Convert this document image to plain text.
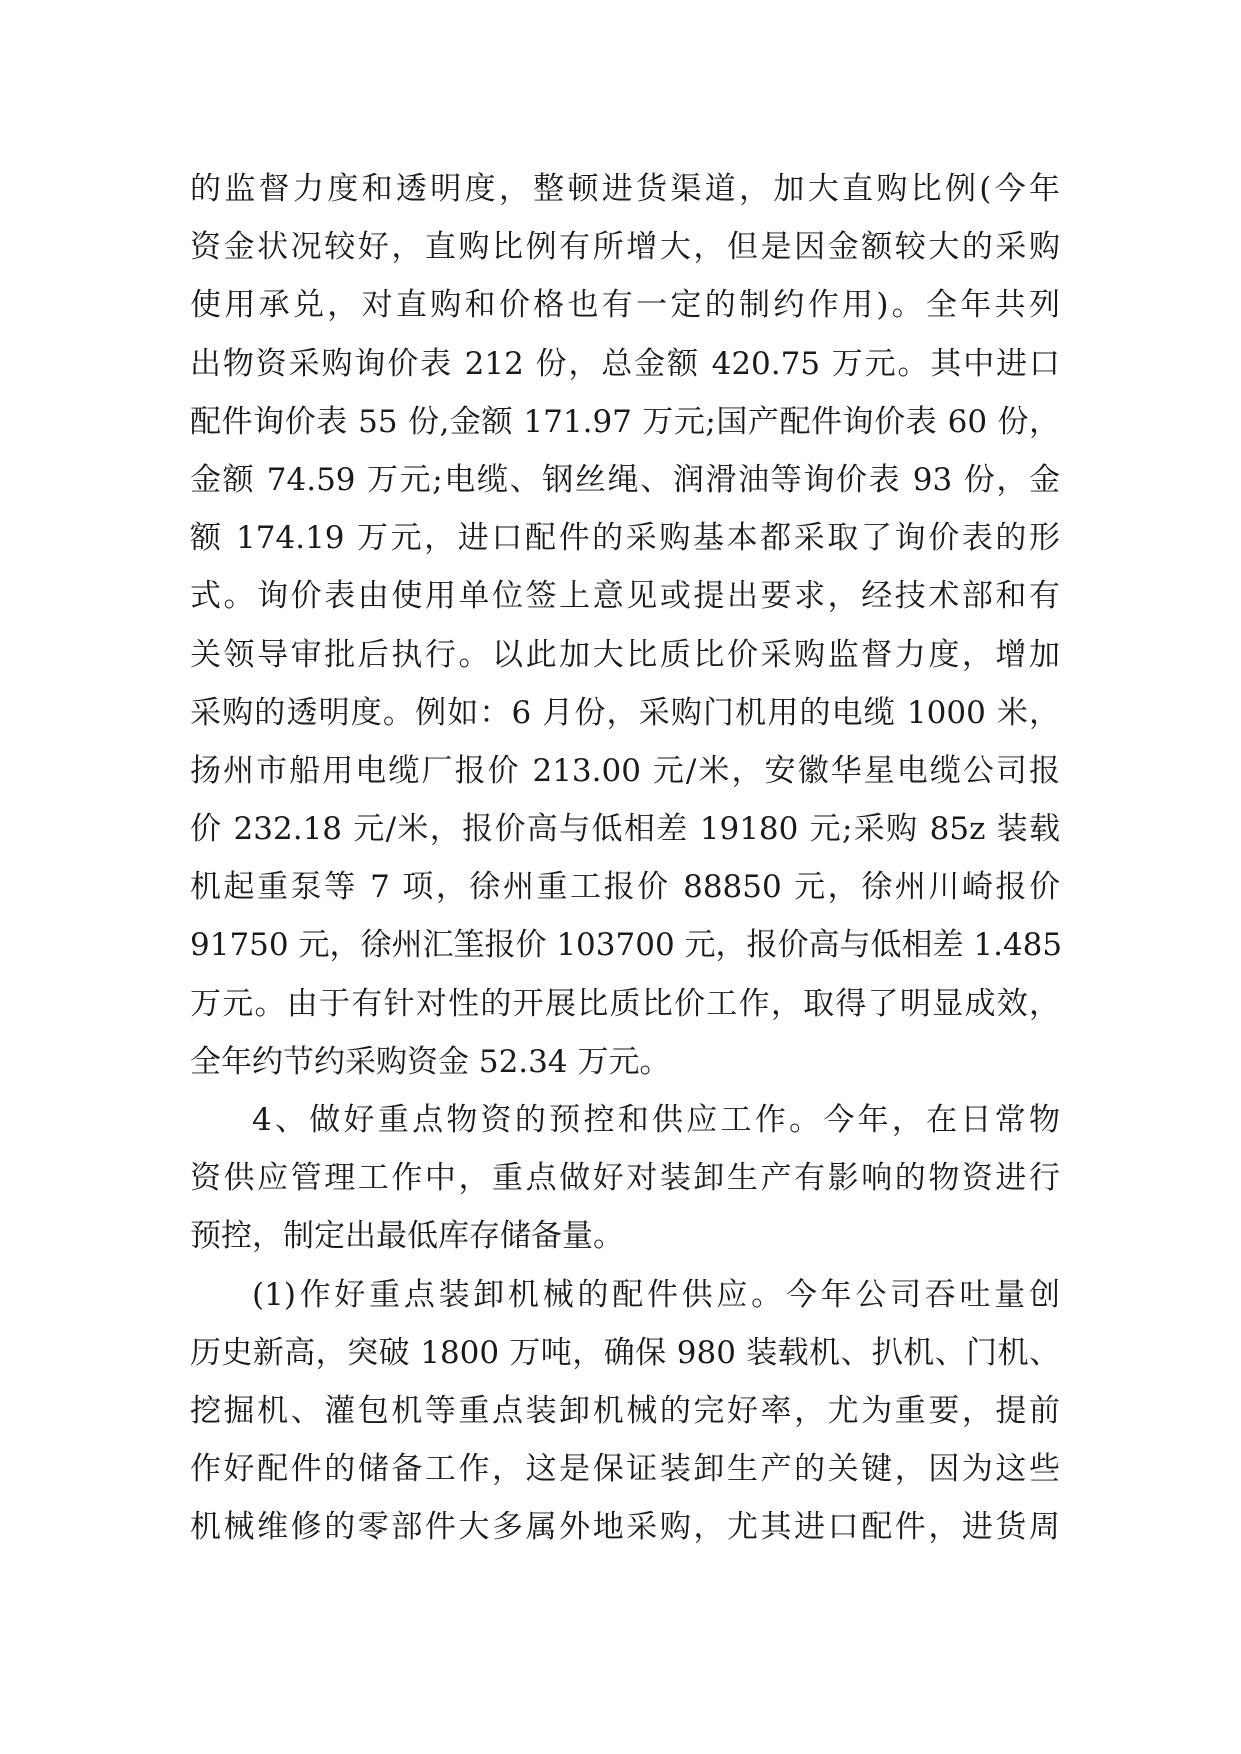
的监督力度和透明度，整顿进货渠道，加大直购比例(今年
资金状况较好，直购比例有所增大，但是因金额较大的采购
使用承兑，对直购和价格也有一定的制约作用)。全年共列
出物资采购询价表 212 份，总金额 420.75 万元。其中进口
配件询价表 55 份,金额 171.97 万元;国产配件询价表 60 份，
金额 74.59 万元;电缆、钢丝绳、润滑油等询价表 93 份，金
额 174.19 万元，进口配件的采购基本都采取了询价表的形
式。询价表由使用单位签上意见或提出要求，经技术部和有
关领导审批后执行。以此加大比质比价采购监督力度，增加
采购的透明度。例如：6 月份，采购门机用的电缆 1000 米，
扬州市船用电缆厂报价 213.00 元/米，安徽华星电缆公司报
价 232.18 元/米，报价高与低相差 19180 元;采购 85z 装载
机起重泵等 7 项，徐州重工报价 88850 元，徐州川崎报价
91750 元，徐州汇筀报价 103700 元，报价高与低相差 1.485
万元。由于有针对性的开展比质比价工作，取得了明显成效，
全年约节约采购资金 52.34 万元。
4、做好重点物资的预控和供应工作。今年，在日常物
资供应管理工作中，重点做好对装卸生产有影响的物资进行
预控，制定出最低库存储备量。
(1)作好重点装卸机械的配件供应。今年公司吞吐量创
历史新高，突破 1800 万吨，确保 980 装载机、扒机、门机、
挖掘机、灌包机等重点装卸机械的完好率，尤为重要，提前
作好配件的储备工作，这是保证装卸生产的关键，因为这些
机械维修的零部件大多属外地采购，尤其进口配件，进货周
